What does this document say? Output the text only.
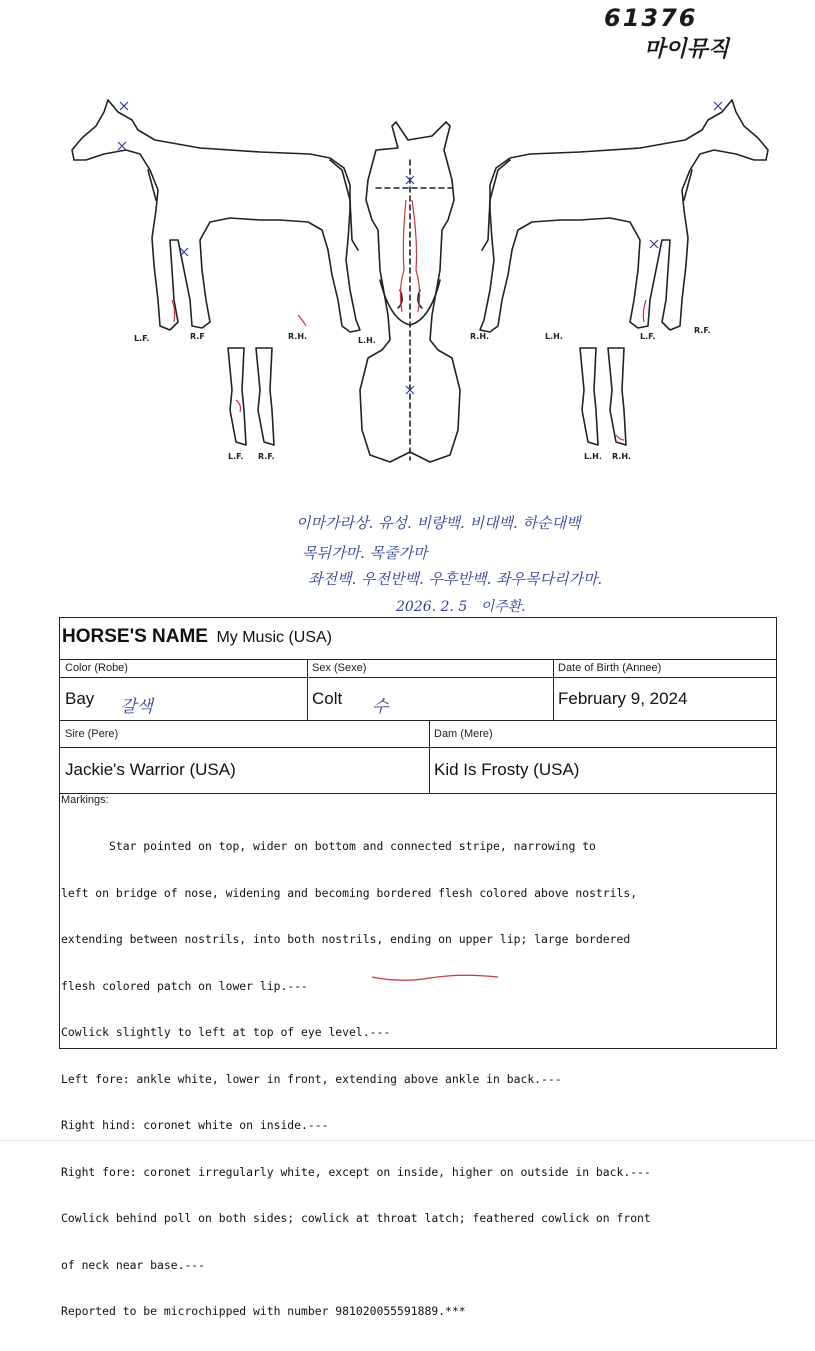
61376
마이뮤직
L.F.	R.F	R.H.	L.H.	R.H.	L.H.	L.F.
R.F.
L.F. R.F.	L.H. R.H.
이마가라상. 유성. 비량백. 비대백. 하순대백
목뒤가마. 목줄가마
좌전백. 우전반백. 우후반백. 좌우목다리가마.
2026. 2. 5   이주환.
HORSE'S NAME My Music (USA)
Color (Robe)	Sex (Sexe)	Date of Birth (Annee)
Bay 갈색	Colt 수	February 9, 2024
Sire (Pere)	Dam (Mere)
Jackie's Warrior (USA)	Kid Is Frosty (USA)
Markings:

Star pointed on top, wider on bottom and connected stripe, narrowing to

left on bridge of nose, widening and becoming bordered flesh colored above nostrils,

extending between nostrils, into both nostrils, ending on upper lip; large bordered

flesh colored patch on lower lip.---

Cowlick slightly to left at top of eye level.---

Left fore: ankle white, lower in front, extending above ankle in back.---

Right hind: coronet white on inside.---

Right fore: coronet irregularly white, except on inside, higher on outside in back.---

Cowlick behind poll on both sides; cowlick at throat latch; feathered cowlick on front

of neck near base.---

Reported to be microchipped with number 981020055591889.***
